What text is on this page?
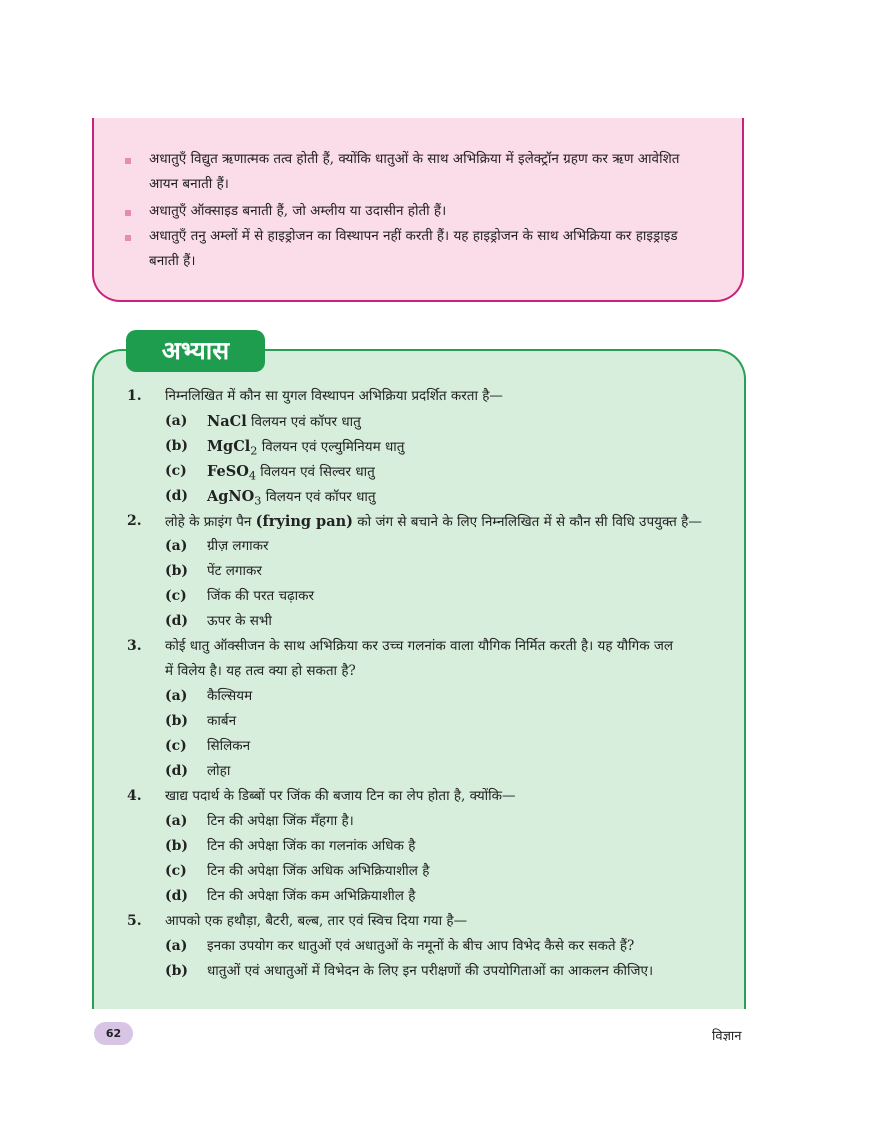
अधातुएँ विद्युत ऋणात्मक तत्व होती हैं, क्योंकि धातुओं के साथ अभिक्रिया में इलेक्ट्रॉन ग्रहण कर ऋण आवेशित
आयन बनाती हैं।
अधातुएँ ऑक्साइड बनाती हैं, जो अम्लीय या उदासीन होती हैं।
अधातुएँ तनु अम्लों में से हाइड्रोजन का विस्थापन नहीं करती हैं। यह हाइड्रोजन के साथ अभिक्रिया कर हाइड्राइड
बनाती हैं।
अभ्यास
1. निम्नलिखित में कौन सा युगल विस्थापन अभिक्रिया प्रदर्शित करता है—
(a) NaCl विलयन एवं कॉपर धातु
(b) MgCl$_2$ विलयन एवं एल्युमिनियम धातु
(c) FeSO$_4$ विलयन एवं सिल्वर धातु
(d) AgNO$_3$ विलयन एवं कॉपर धातु
2. लोहे के फ्राइंग पैन (frying pan) को जंग से बचाने के लिए निम्नलिखित में से कौन सी विधि उपयुक्त है—
(a) ग्रीज़ लगाकर
(b) पेंट लगाकर
(c) जिंक की परत चढ़ाकर
(d) ऊपर के सभी
3. कोई धातु ऑक्सीजन के साथ अभिक्रिया कर उच्च गलनांक वाला यौगिक निर्मित करती है। यह यौगिक जल
में विलेय है। यह तत्व क्या हो सकता है?
(a) कैल्सियम
(b) कार्बन
(c) सिलिकन
(d) लोहा
4. खाद्य पदार्थ के डिब्बों पर जिंक की बजाय टिन का लेप होता है, क्योंकि—
(a) टिन की अपेक्षा जिंक मँहगा है।
(b) टिन की अपेक्षा जिंक का गलनांक अधिक है
(c) टिन की अपेक्षा जिंक अधिक अभिक्रियाशील है
(d) टिन की अपेक्षा जिंक कम अभिक्रियाशील है
5. आपको एक हथौड़ा, बैटरी, बल्ब, तार एवं स्विच दिया गया है—
(a) इनका उपयोग कर धातुओं एवं अधातुओं के नमूनों के बीच आप विभेद कैसे कर सकते हैं?
(b) धातुओं एवं अधातुओं में विभेदन के लिए इन परीक्षणों की उपयोगिताओं का आकलन कीजिए।
62	विज्ञान
